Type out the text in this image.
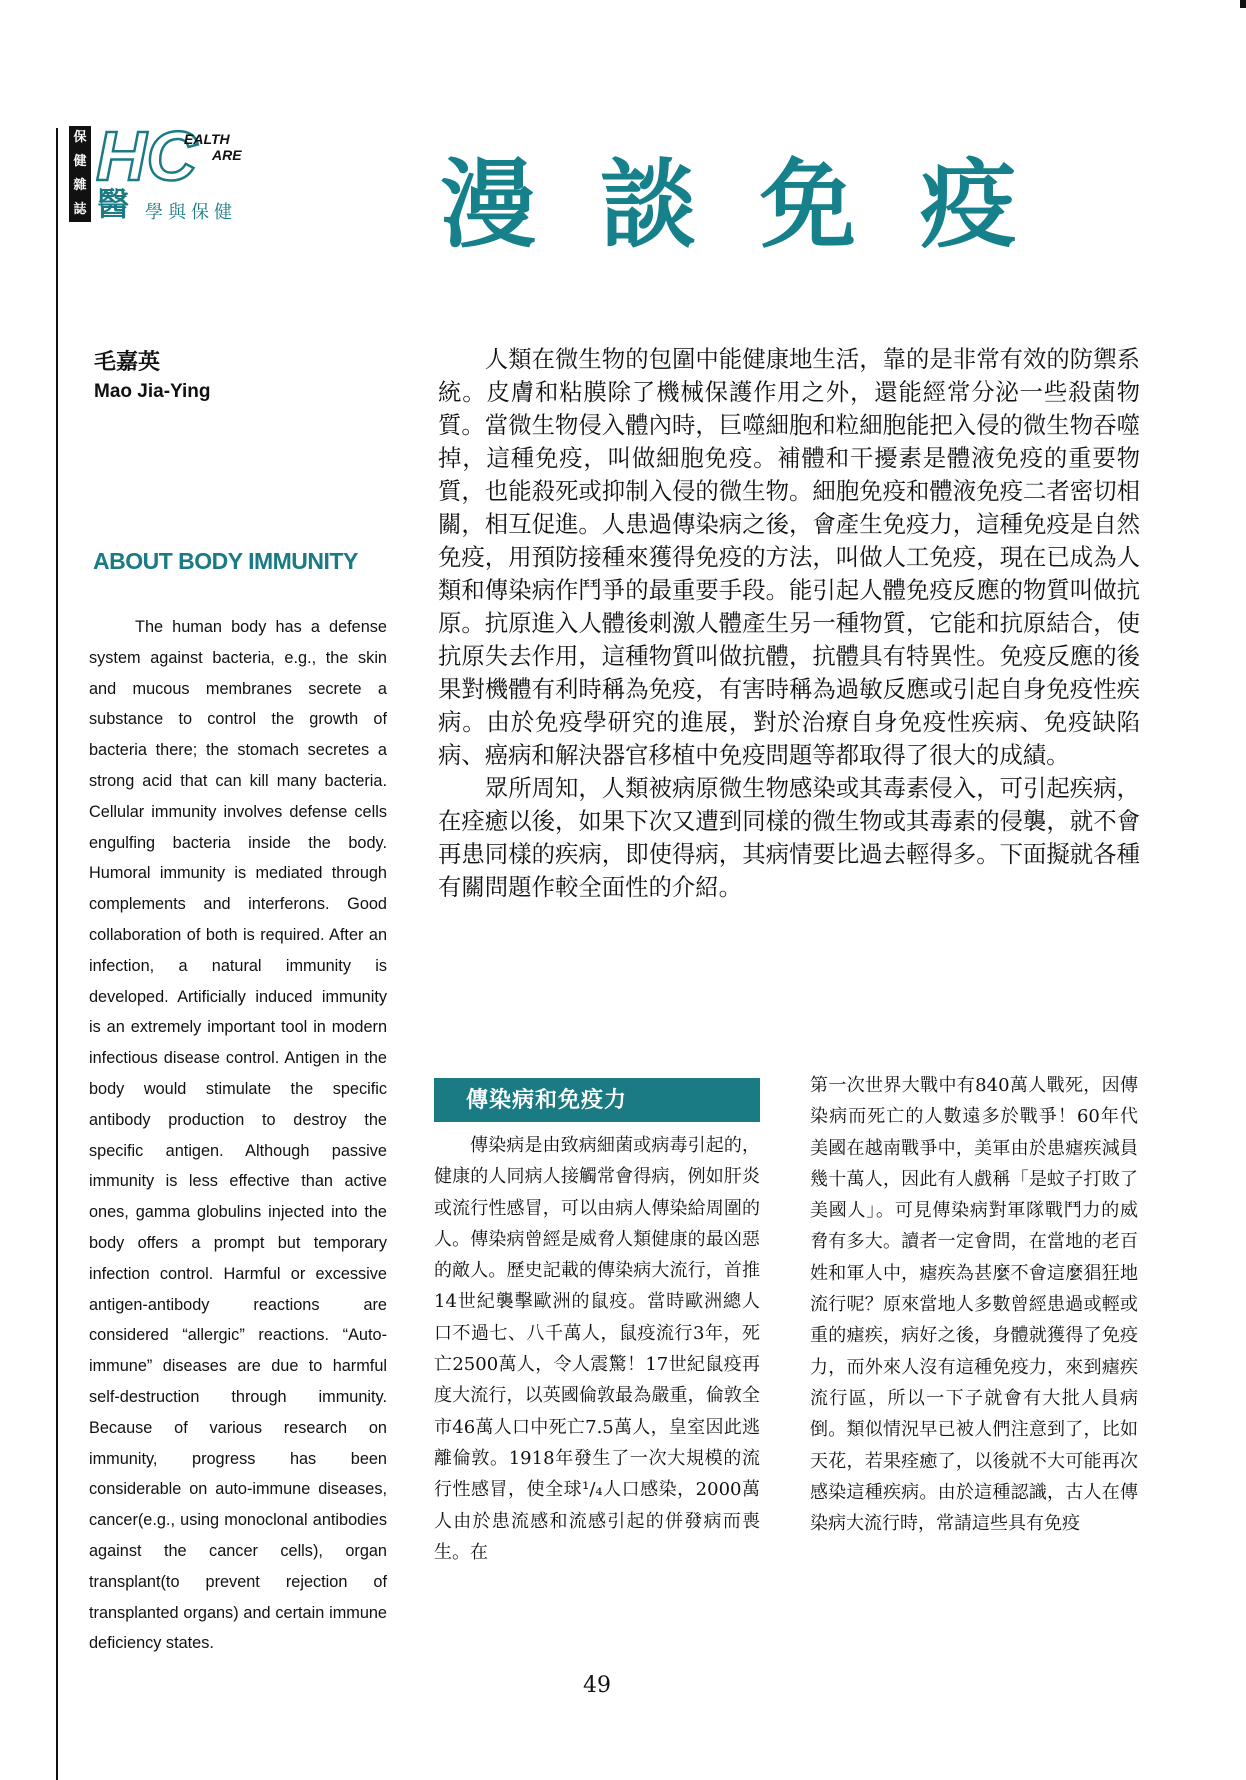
保
健
雜
誌
HC
EALTH
ARE
醫 學與保健 漫談免疫
毛嘉英
Mao Jia-Ying
ABOUT BODY IMMUNITY
The human body has a defense system against bacteria, e.g., the skin and mucous membranes secrete a substance to control the growth of bacteria there; the stomach secretes a strong acid that can kill many bacteria. Cellular immunity involves defense cells engulfing bacteria inside the body. Humoral immunity is mediated through complements and interferons. Good collaboration of both is required. After an infection, a natural immunity is developed. Artificially induced immunity is an extremely important tool in modern infectious disease control. Antigen in the body would stimulate the specific antibody production to destroy the specific antigen. Although passive immunity is less effective than active ones, gamma globulins injected into the body offers a prompt but temporary infection control. Harmful or excessive antigen-antibody reactions are considered “allergic” reactions. “Auto-immune” diseases are due to harmful self-destruction through immunity. Because of various research on immunity, progress has been considerable on auto-immune diseases, cancer(e.g., using monoclonal antibodies against the cancer cells), organ transplant(to prevent rejection of transplanted organs) and certain immune deficiency states.

人類在微生物的包圍中能健康地生活，靠的是非常有效的防禦系統。皮膚和粘膜除了機械保護作用之外，還能經常分泌一些殺菌物質。當微生物侵入體內時，巨噬細胞和粒細胞能把入侵的微生物吞噬掉，這種免疫，叫做細胞免疫。補體和干擾素是體液免疫的重要物質，也能殺死或抑制入侵的微生物。細胞免疫和體液免疫二者密切相關，相互促進。人患過傳染病之後，會產生免疫力，這種免疫是自然免疫，用預防接種來獲得免疫的方法，叫做人工免疫，現在已成為人類和傳染病作鬥爭的最重要手段。能引起人體免疫反應的物質叫做抗原。抗原進入人體後刺激人體產生另一種物質，它能和抗原結合，使抗原失去作用，這種物質叫做抗體，抗體具有特異性。免疫反應的後果對機體有利時稱為免疫，有害時稱為過敏反應或引起自身免疫性疾病。由於免疫學研究的進展，對於治療自身免疫性疾病、免疫缺陷病、癌病和解決器官移植中免疫問題等都取得了很大的成績。

眾所周知，人類被病原微生物感染或其毒素侵入，可引起疾病，在痊癒以後，如果下次又遭到同樣的微生物或其毒素的侵襲，就不會再患同樣的疾病，即使得病，其病情要比過去輕得多。下面擬就各種有關問題作較全面性的介紹。

傳染病和免疫力
傳染病是由致病細菌或病毒引起的，健康的人同病人接觸常會得病，例如肝炎或流行性感冒，可以由病人傳染給周圍的人。傳染病曾經是威脅人類健康的最凶惡的敵人。歷史記載的傳染病大流行，首推14世紀襲擊歐洲的鼠疫。當時歐洲總人口不過七、八千萬人，鼠疫流行3年，死亡2500萬人，令人震驚！17世紀鼠疫再度大流行，以英國倫敦最為嚴重，倫敦全市46萬人口中死亡7.5萬人，皇室因此逃離倫敦。1918年發生了一次大規模的流行性感冒，使全球¹/₄人口感染，2000萬人由於患流感和流感引起的併發病而喪生。在
第一次世界大戰中有840萬人戰死，因傳染病而死亡的人數遠多於戰爭！60年代美國在越南戰爭中，美軍由於患瘧疾減員幾十萬人，因此有人戲稱「是蚊子打敗了美國人」。可見傳染病對軍隊戰鬥力的威脅有多大。讀者一定會問，在當地的老百姓和軍人中，瘧疾為甚麼不會這麼猖狂地流行呢？原來當地人多數曾經患過或輕或重的瘧疾，病好之後，身體就獲得了免疫力，而外來人沒有這種免疫力，來到瘧疾流行區，所以一下子就會有大批人員病倒。類似情況早已被人們注意到了，比如天花，若果痊癒了，以後就不大可能再次感染這種疾病。由於這種認識，古人在傳染病大流行時，常請這些具有免疫
49
